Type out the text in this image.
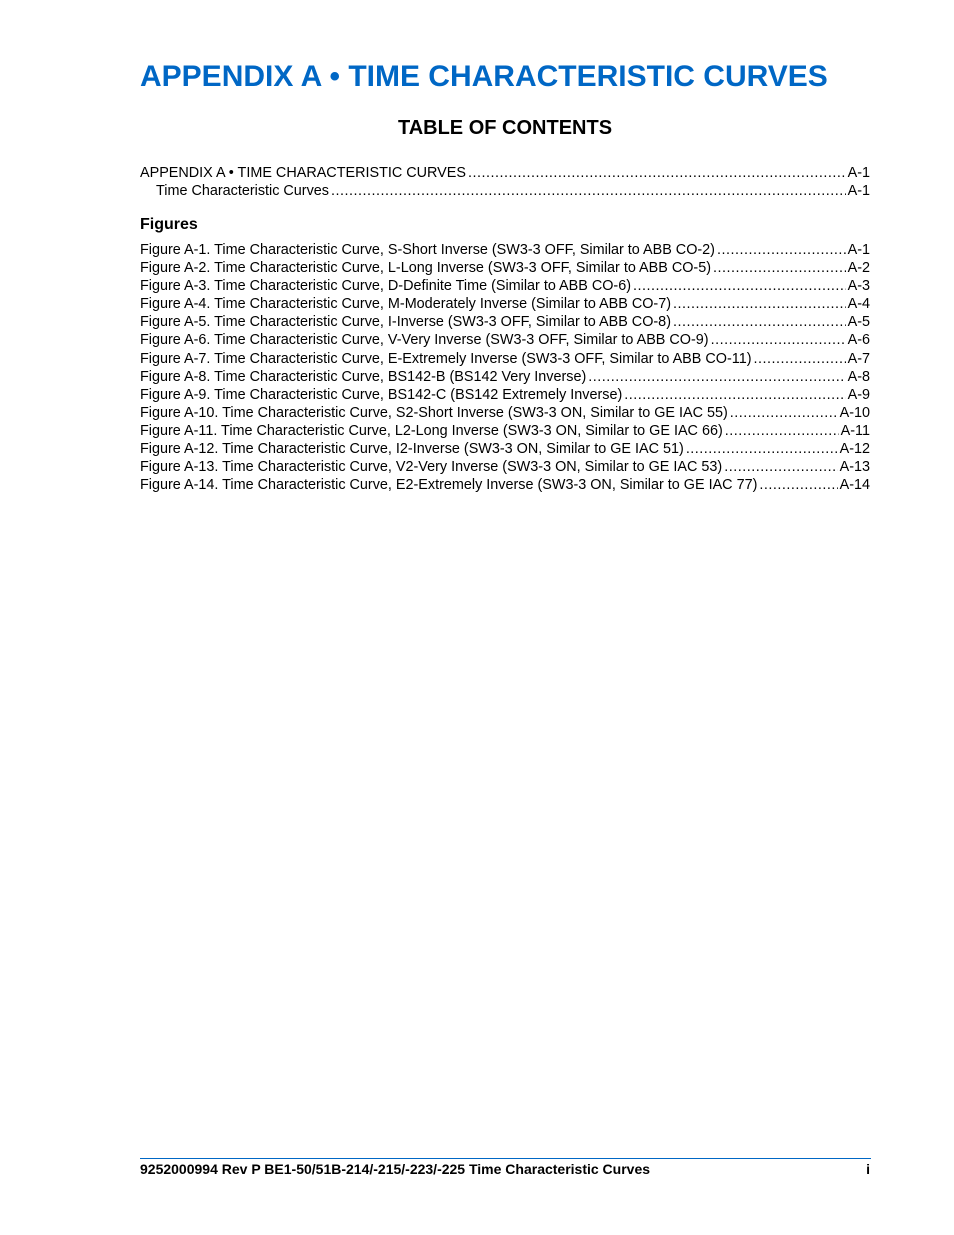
APPENDIX A • TIME CHARACTERISTIC CURVES
TABLE OF CONTENTS
APPENDIX A • TIME CHARACTERISTIC CURVES .....	A-1
Time Characteristic Curves .....	A-1
Figures
Figure A-1. Time Characteristic Curve, S-Short Inverse (SW3-3 OFF, Similar to ABB CO-2) .....	A-1
Figure A-2. Time Characteristic Curve, L-Long Inverse (SW3-3 OFF, Similar to ABB CO-5) .....	A-2
Figure A-3. Time Characteristic Curve, D-Definite Time (Similar to ABB CO-6) .....	A-3
Figure A-4. Time Characteristic Curve, M-Moderately Inverse (Similar to ABB CO-7) .....	A-4
Figure A-5. Time Characteristic Curve, I-Inverse (SW3-3 OFF, Similar to ABB CO-8) .....	A-5
Figure A-6. Time Characteristic Curve, V-Very Inverse (SW3-3 OFF, Similar to ABB CO-9) .....	A-6
Figure A-7. Time Characteristic Curve, E-Extremely Inverse (SW3-3 OFF, Similar to ABB CO-11) .....	A-7
Figure A-8. Time Characteristic Curve, BS142-B (BS142 Very Inverse) .....	A-8
Figure A-9. Time Characteristic Curve, BS142-C (BS142 Extremely Inverse) .....	A-9
Figure A-10. Time Characteristic Curve, S2-Short Inverse (SW3-3 ON, Similar to GE IAC 55) .....	A-10
Figure A-11. Time Characteristic Curve, L2-Long Inverse (SW3-3 ON, Similar to GE IAC 66) .....	A-11
Figure A-12. Time Characteristic Curve, I2-Inverse (SW3-3 ON, Similar to GE IAC 51) .....	A-12
Figure A-13. Time Characteristic Curve, V2-Very Inverse (SW3-3 ON, Similar to GE IAC 53) .....	A-13
Figure A-14. Time Characteristic Curve, E2-Extremely Inverse (SW3-3 ON, Similar to GE IAC 77) .....	A-14
9252000994 Rev P BE1-50/51B-214/-215/-223/-225 Time Characteristic Curves	i
